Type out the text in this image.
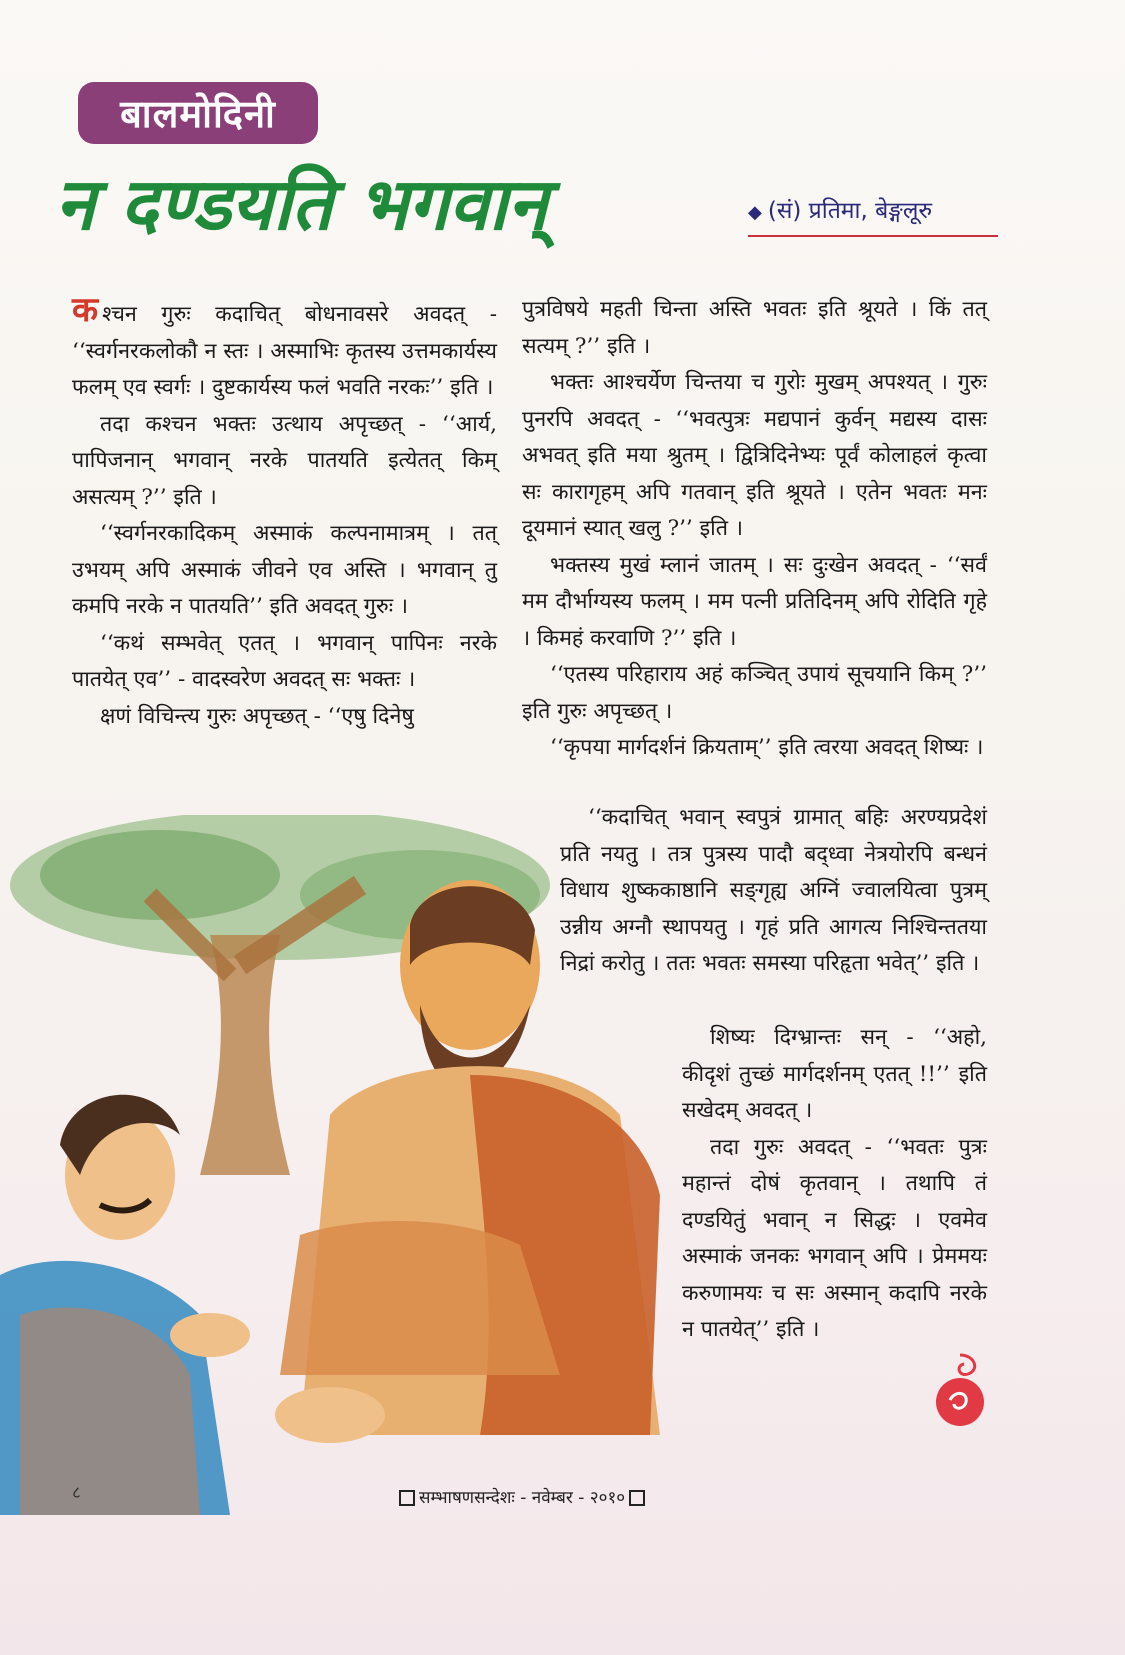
बालमोदिनी
न दण्डयति भगवान्	◆ (सं) प्रतिमा, बेङ्गलूरु

कश्चन गुरुः कदाचित् बोधनावसरे अवदत् - ‘‘स्वर्गनरकलोकौ न स्तः । अस्माभिः कृतस्य उत्तमकार्यस्य फलम् एव स्वर्गः । दुष्टकार्यस्य फलं भवति नरकः’’ इति ।

तदा कश्चन भक्तः उत्थाय अपृच्छत् - ‘‘आर्य, पापिजनान् भगवान् नरके पातयति इत्येतत् किम् असत्यम् ?’’ इति ।

‘‘स्वर्गनरकादिकम् अस्माकं कल्पनामात्रम् । तत् उभयम् अपि अस्माकं जीवने एव अस्ति । भगवान् तु कमपि नरके न पातयति’’ इति अवदत् गुरुः ।

‘‘कथं सम्भवेत् एतत् । भगवान् पापिनः नरके पातयेत् एव’’ - वादस्वरेण अवदत् सः भक्तः ।

क्षणं विचिन्त्य गुरुः अपृच्छत् - ‘‘एषु दिनेषु

पुत्रविषये महती चिन्ता अस्ति भवतः इति श्रूयते । किं तत् सत्यम् ?’’ इति ।

भक्तः आश्चर्येण चिन्तया च गुरोः मुखम् अपश्यत् । गुरुः पुनरपि अवदत् - ‘‘भवत्पुत्रः मद्यपानं कुर्वन् मद्यस्य दासः अभवत् इति मया श्रुतम् । द्वित्रिदिनेभ्यः पूर्वं कोलाहलं कृत्वा सः कारागृहम् अपि गतवान् इति श्रूयते । एतेन भवतः मनः दूयमानं स्यात् खलु ?’’ इति ।

भक्तस्य मुखं म्लानं जातम् । सः दुःखेन अवदत् - ‘‘सर्वं मम दौर्भाग्यस्य फलम् । मम पत्नी प्रतिदिनम् अपि रोदिति गृहे । किमहं करवाणि ?’’ इति ।

‘‘एतस्य परिहाराय अहं कञ्चित् उपायं सूचयानि किम् ?’’ इति गुरुः अपृच्छत् ।

‘‘कृपया मार्गदर्शनं क्रियताम्’’ इति त्वरया अवदत् शिष्यः ।

‘‘कदाचित् भवान् स्वपुत्रं ग्रामात् बहिः अरण्यप्रदेशं प्रति नयतु । तत्र पुत्रस्य पादौ बद्ध्वा नेत्रयोरपि बन्धनं विधाय शुष्ककाष्ठानि सङ्गृह्य अग्निं ज्वालयित्वा पुत्रम् उन्नीय अग्नौ स्थापयतु । गृहं प्रति आगत्य निश्चिन्ततया निद्रां करोतु । ततः भवतः समस्या परिहृता भवेत्’’ इति ।

शिष्यः दिग्भ्रान्तः सन् - ‘‘अहो, कीदृशं तुच्छं मार्गदर्शनम् एतत् !!’’ इति सखेदम् अवदत् ।

तदा गुरुः अवदत् - ‘‘भवतः पुत्रः महान्तं दोषं कृतवान् । तथापि तं दण्डयितुं भवान् न सिद्धः । एवमेव अस्माकं जनकः भगवान् अपि । प्रेममयः करुणामयः च सः अस्मान् कदापि नरके न पातयेत्’’ इति ।

८	सम्भाषणसन्देशः - नवेम्बर - २०१०
